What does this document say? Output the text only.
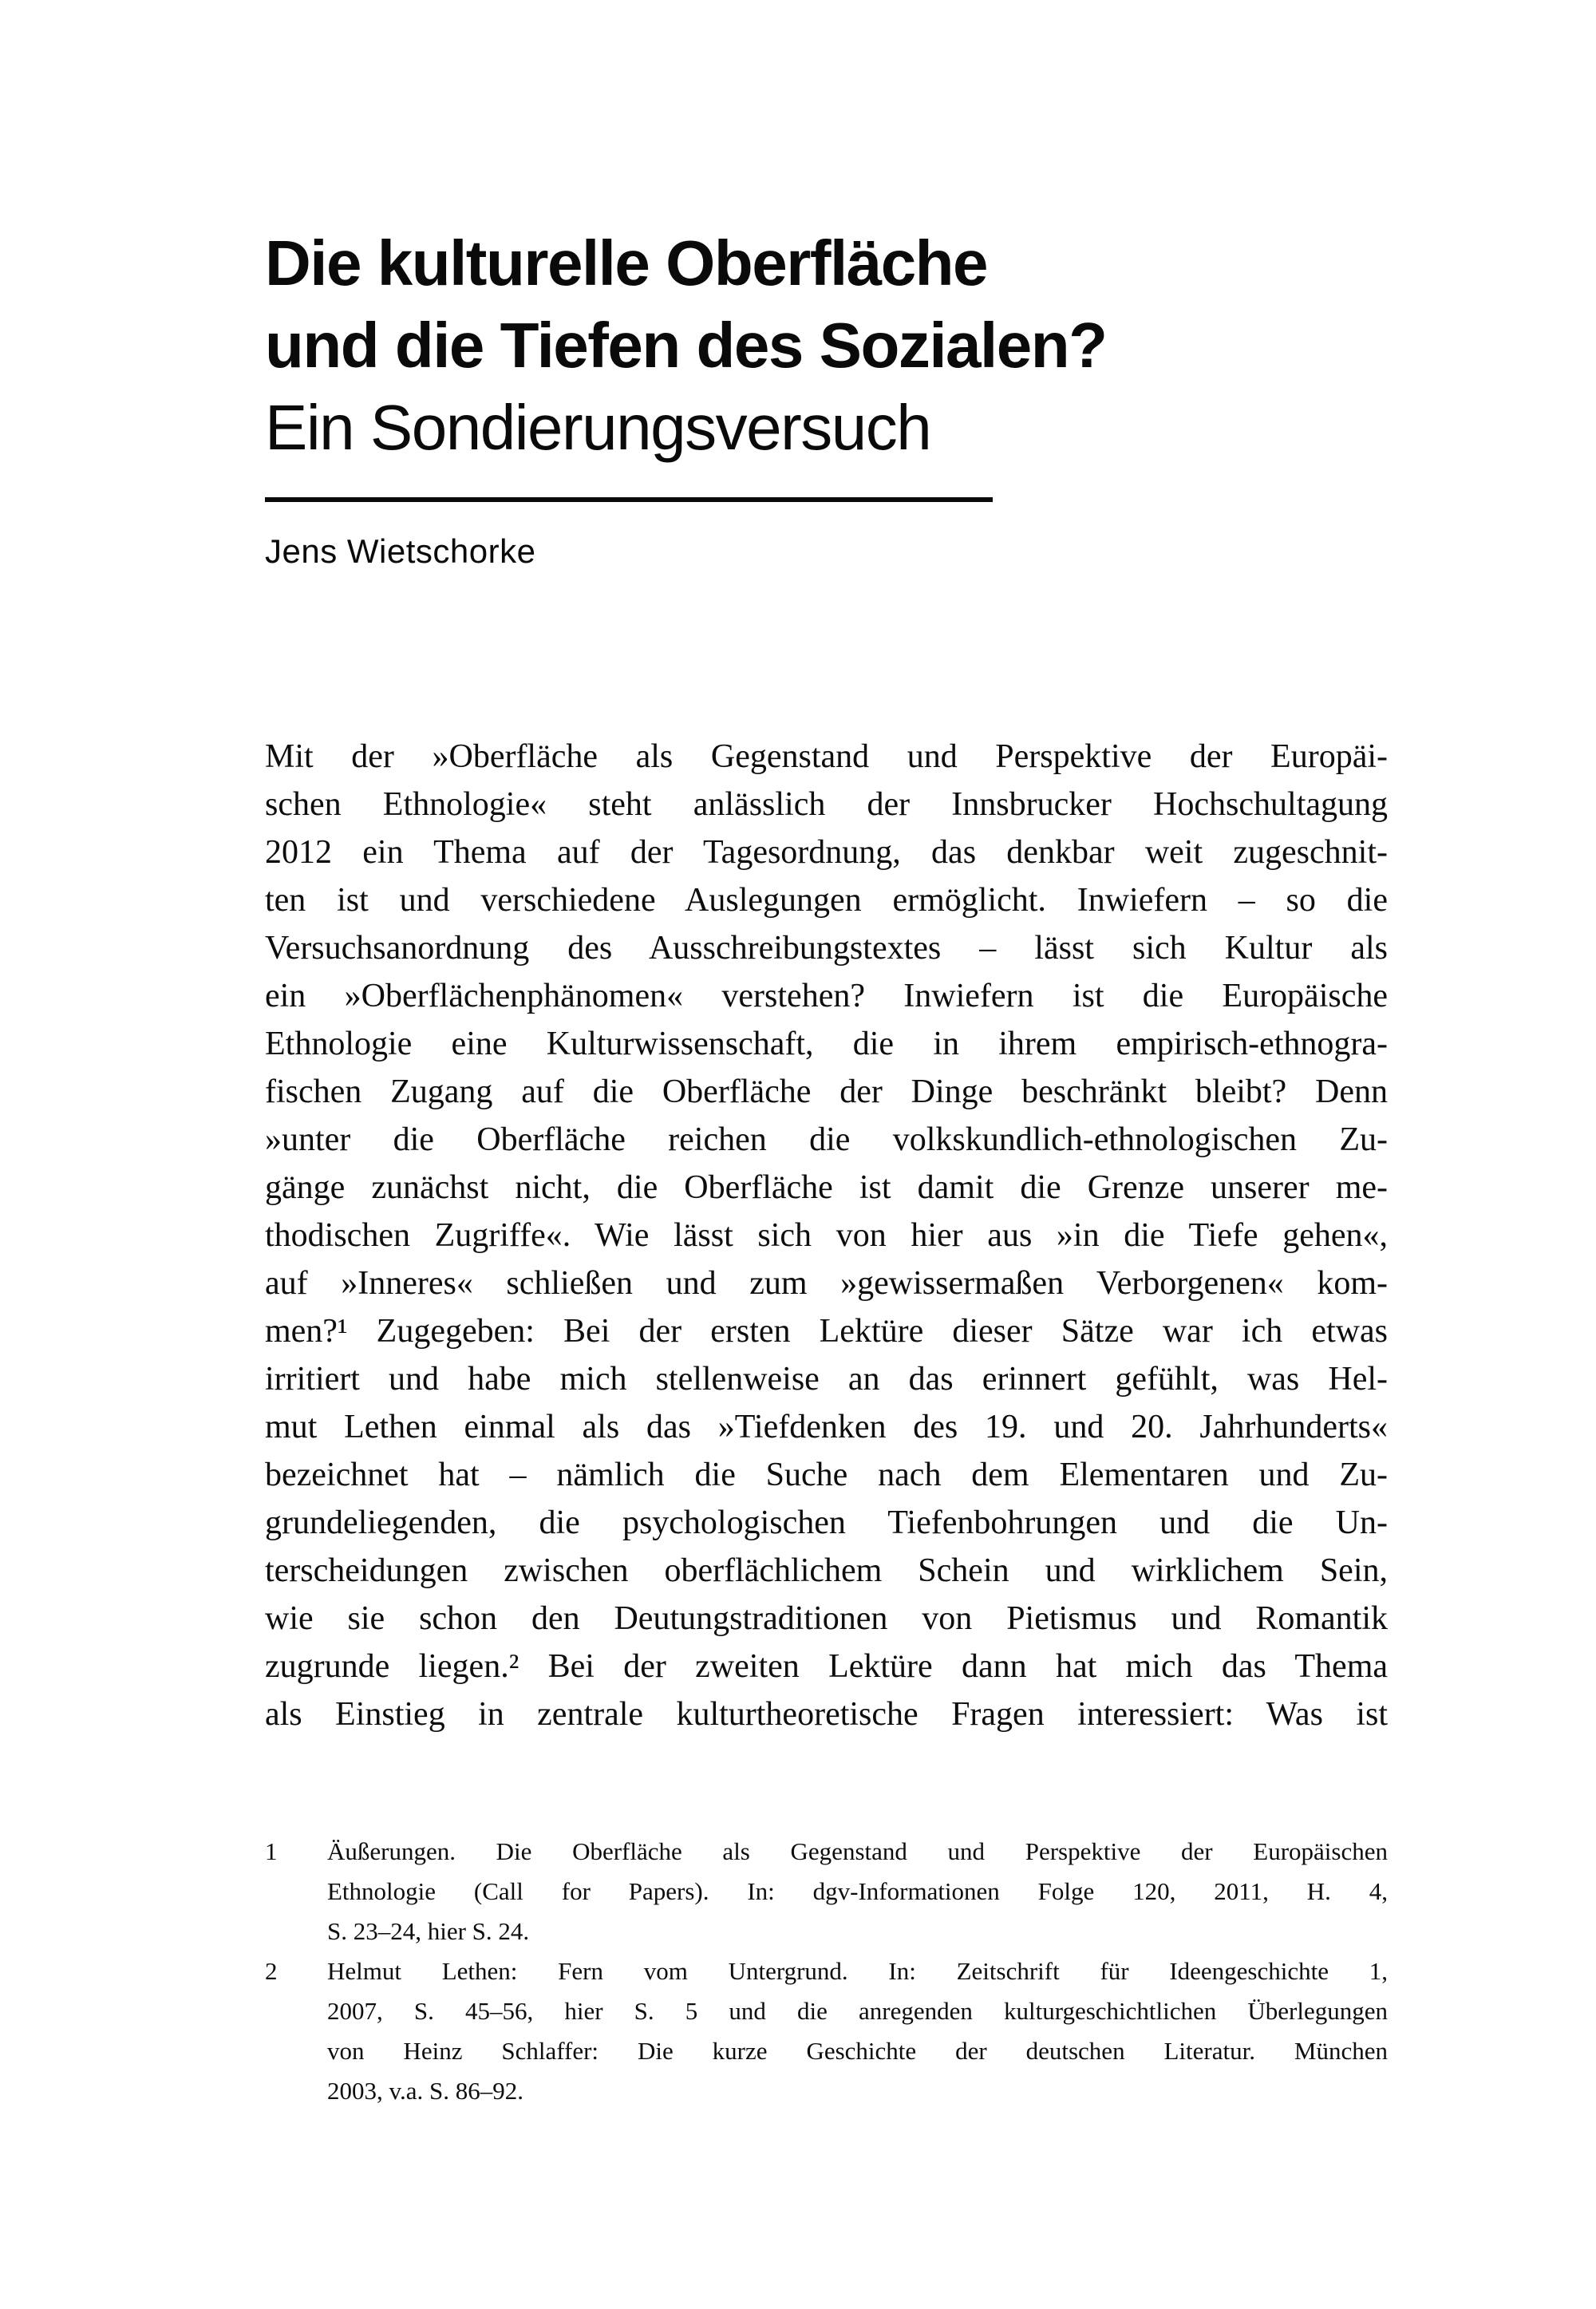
Die kulturelle Oberfläche
und die Tiefen des Sozialen?
Ein Sondierungsversuch
Jens Wietschorke
Mit der »Oberfläche als Gegenstand und Perspektive der Europäi-
schen Ethnologie« steht anlässlich der Innsbrucker Hochschultagung
2012 ein Thema auf der Tagesordnung, das denkbar weit zugeschnit-
ten ist und verschiedene Auslegungen ermöglicht. Inwiefern – so die
Versuchsanordnung des Ausschreibungstextes – lässt sich Kultur als
ein »Oberflächenphänomen« verstehen? Inwiefern ist die Europäische
Ethnologie eine Kulturwissenschaft, die in ihrem empirisch-ethnogra-
fischen Zugang auf die Oberfläche der Dinge beschränkt bleibt? Denn
»unter die Oberfläche reichen die volkskundlich-ethnologischen Zu-
gänge zunächst nicht, die Oberfläche ist damit die Grenze unserer me-
thodischen Zugriffe«. Wie lässt sich von hier aus »in die Tiefe gehen«,
auf »Inneres« schließen und zum »gewissermaßen Verborgenen« kom-
men?¹ Zugegeben: Bei der ersten Lektüre dieser Sätze war ich etwas
irritiert und habe mich stellenweise an das erinnert gefühlt, was Hel-
mut Lethen einmal als das »Tiefdenken des 19. und 20. Jahrhunderts«
bezeichnet hat – nämlich die Suche nach dem Elementaren und Zu-
grundeliegenden, die psychologischen Tiefenbohrungen und die Un-
terscheidungen zwischen oberflächlichem Schein und wirklichem Sein,
wie sie schon den Deutungstraditionen von Pietismus und Romantik
zugrunde liegen.² Bei der zweiten Lektüre dann hat mich das Thema
als Einstieg in zentrale kulturtheoretische Fragen interessiert: Was ist
1	Äußerungen. Die Oberfläche als Gegenstand und Perspektive der Europäischen
Ethnologie (Call for Papers). In: dgv-Informationen Folge 120, 2011, H. 4,
S. 23–24, hier S. 24.
2	Helmut Lethen: Fern vom Untergrund. In: Zeitschrift für Ideengeschichte 1,
2007, S. 45–56, hier S. 5 und die anregenden kulturgeschichtlichen Überlegungen
von Heinz Schlaffer: Die kurze Geschichte der deutschen Literatur. München
2003, v.a. S. 86–92.
